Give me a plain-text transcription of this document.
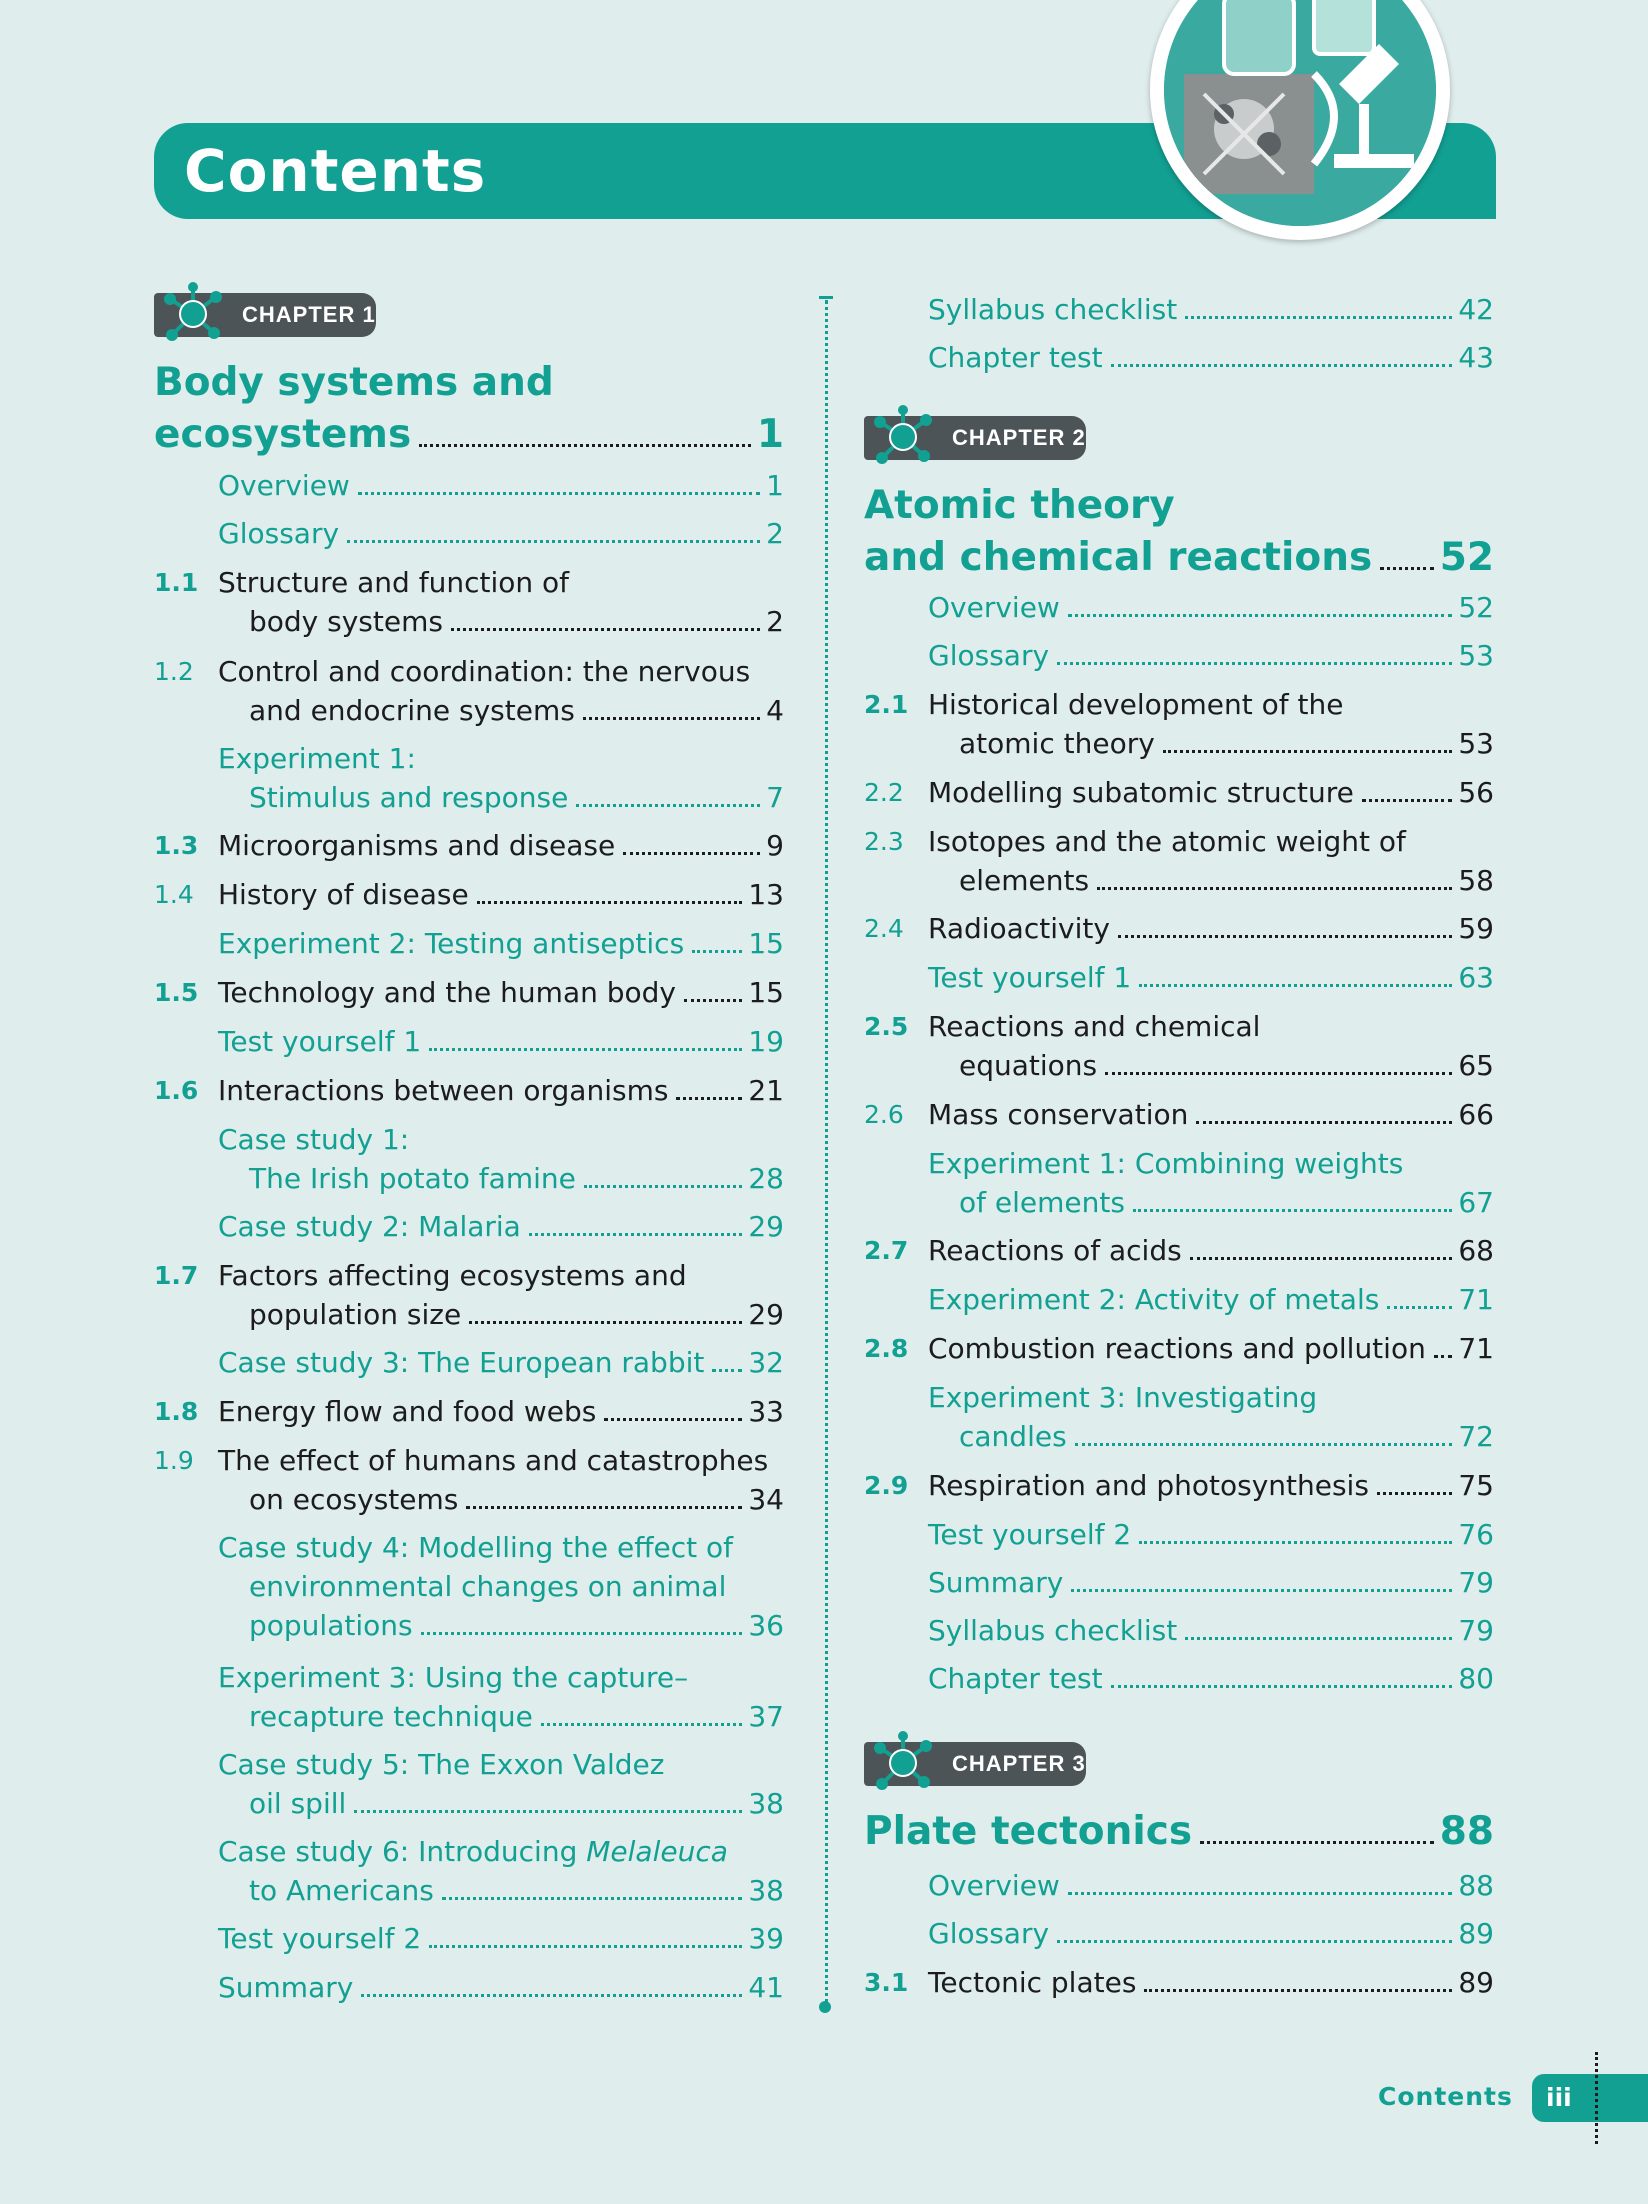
Contents
CHAPTER 1
Body systems and
ecosystems	1
Overview	1
Glossary	2
1.1 Structure and function of
body systems	2
1.2 Control and coordination: the nervous
and endocrine systems	4
Experiment 1:
Stimulus and response	7
1.3 Microorganisms and disease	9
1.4 History of disease	13
Experiment 2: Testing antiseptics 15
1.5 Technology and the human body	15
Test yourself 1	19
1.6 Interactions between organisms	21
Case study 1:
The Irish potato famine	28
Case study 2: Malaria	29
1.7 Factors affecting ecosystems and
population size	29
Case study 3: The European rabbit 32
1.8 Energy flow and food webs	33
1.9 The effect of humans and catastrophes
on ecosystems	34
Case study 4: Modelling the effect of
environmental changes on animal
populations	36
Experiment 3: Using the capture–
recapture technique	37
Case study 5: The Exxon Valdez
oil spill	38
Case study 6: Introducing Melaleuca
to Americans	38
Test yourself 2	39
Summary	41
Syllabus checklist	42
Chapter test	43
CHAPTER 2
Atomic theory
and chemical reactions 52
Overview	52
Glossary	53
2.1 Historical development of the
atomic theory	53
2.2 Modelling subatomic structure	56
2.3 Isotopes and the atomic weight of
elements	58
2.4 Radioactivity	59
Test yourself 1	63
2.5 Reactions and chemical
equations	65
2.6 Mass conservation	66
Experiment 1: Combining weights
of elements	67
2.7 Reactions of acids	68
Experiment 2: Activity of metals	71
2.8 Combustion reactions and pollution 71
Experiment 3: Investigating
candles	72
2.9 Respiration and photosynthesis	75
Test yourself 2	76
Summary	79
Syllabus checklist	79
Chapter test	80
CHAPTER 3
Plate tectonics	88
Overview	88
Glossary	89
3.1 Tectonic plates	89
Contents iii
